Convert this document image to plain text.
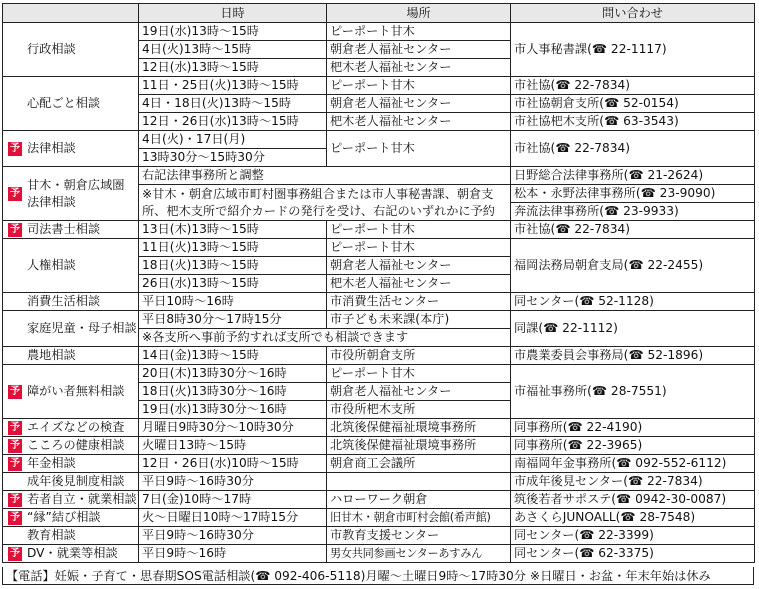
	日時	場所	問い合わせ
行政相談	19日(水)13時～15時	ピーポート甘木	市人事秘書課(☎ 22-1117)
	4日(火)13時～15時	朝倉老人福祉センター	
	12日(水)13時～15時	杷木老人福祉センター	
心配ごと相談	11日・25日(火)13時～15時	ピーポート甘木	市社協(☎ 22-7834)
	4日・18日(火)13時～15時	朝倉老人福祉センター	市社協朝倉支所(☎ 52-0154)
	12日・26日(水)13時～15時	杷木老人福祉センター	市社協杷木支所(☎ 63-3543)

予 法律相談	4日(火)・17日(月)	ピーポート甘木	市社協(☎ 22-7834)
	13時30分～15時30分		

予
甘木・朝倉広域圏
法律相談	右記法律事務所と調整		日野総合法律事務所(☎ 21-2624)
	※甘木・朝倉広域市町村圏事務組合または市人事秘書課、朝倉支所、杷木支所で紹介カードの発行を受け、右記のいずれかに予約		松本・永野法律事務所(☎ 23-9090)
			奔流法律事務所(☎ 23-9933)

予 司法書士相談	13日(木)13時～15時	ピーポート甘木	市社協(☎ 22-7834)
人権相談	11日(火)13時～15時	ピーポート甘木	福岡法務局朝倉支局(☎ 22-2455)
	18日(火)13時～15時	朝倉老人福祉センター	
	26日(水)13時～15時	杷木老人福祉センター	
消費生活相談	平日10時～16時	市消費生活センター	同センター(☎ 52-1128)
家庭児童・母子相談	平日8時30分～17時15分	市子ども未来課(本庁)	同課(☎ 22-1112)
	※各支所へ事前予約すれば支所でも相談できます		
農地相談	14日(金)13時～15時	市役所朝倉支所	市農業委員会事務局(☎ 52-1896)

予 障がい者無料相談	20日(木)13時30分～16時	ピーポート甘木	市福祉事務所(☎ 28-7551)
	18日(火)13時30分～16時	朝倉老人福祉センター	
	19日(水)13時30分～16時	市役所杷木支所	

予 エイズなどの検査	月曜日9時30分～10時30分	北筑後保健福祉環境事務所	同事務所(☎ 22-4190)

予 こころの健康相談	火曜日13時～15時	北筑後保健福祉環境事務所	同事務所(☎ 22-3965)

予 年金相談	12日・26日(水)10時～15時	朝倉商工会議所	南福岡年金事務所(☎ 092-552-6112)
成年後見制度相談	平日9時～16時30分		市成年後見センター(☎ 22-7834)

予 若者自立・就業相談	7日(金)10時～17時	ハローワーク朝倉	筑後若者サポステ(☎ 0942-30-0087)

予 “縁”結び相談	火～日曜日10時～17時15分	旧甘木・朝倉市町村会館(希声館)	あさくらJUNOALL(☎ 28-7548)
教育相談	平日9時～16時30分	市教育支援センター	同センター(☎ 22-3399)

予 DV・就業等相談	平日9時～16時	男女共同参画センターあすみん	同センター(☎ 62-3375)
【電話】妊娠・子育て・思春期SOS電話相談(☎ 092-406-5118)月曜～土曜日9時～17時30分 ※日曜日・お盆・年末年始は休み
